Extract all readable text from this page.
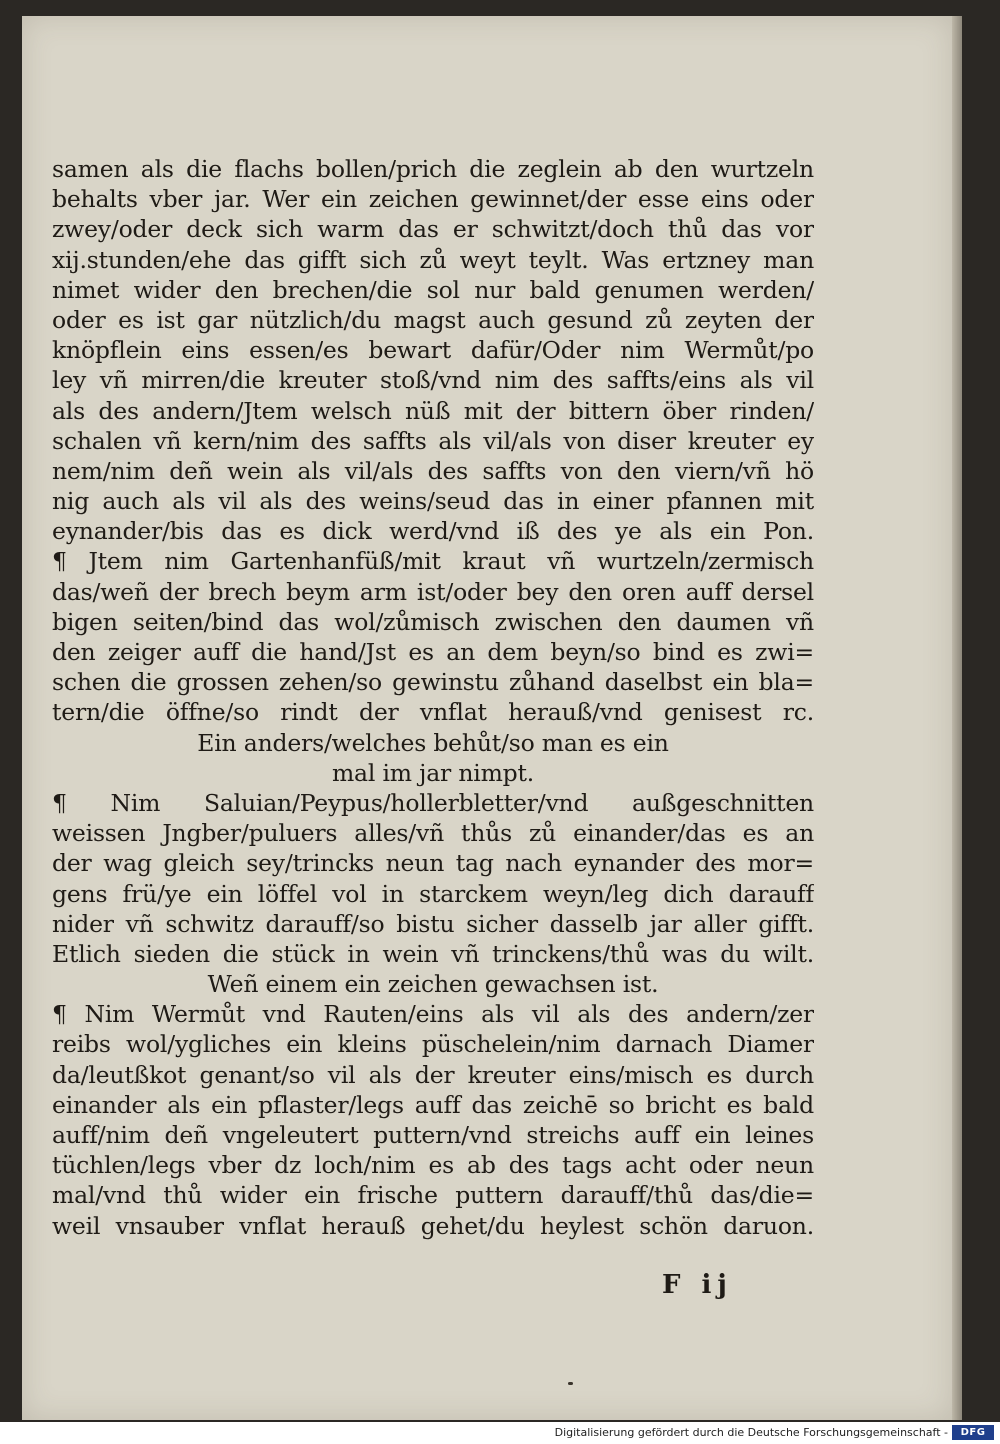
samen als die flachs bollen/prich die zeglein ab den wurtzeln
behalts vber jar. Wer ein zeichen gewinnet/der esse eins oder
zwey/oder deck sich warm das er schwitzt/doch thů das vor
xij.stunden/ehe das gifft sich zů weyt teylt. Was ertzney man
nimet wider den brechen/die sol nur bald genumen werden/
oder es ist gar nützlich/du magst auch gesund zů zeyten der
knöpflein eins essen/es bewart dafür/Oder nim Wermůt/po
ley vñ mirren/die kreuter stoß/vnd nim des saffts/eins als vil
als des andern/Jtem welsch nüß mit der bittern öber rinden/
schalen vñ kern/nim des saffts als vil/als von diser kreuter ey
nem/nim deñ wein als vil/als des saffts von den viern/vñ hö
nig auch als vil als des weins/seud das in einer pfannen mit
eynander/bis das es dick werd/vnd iß des ye als ein Pon.
¶ Jtem nim Gartenhanfüß/mit kraut vñ wurtzeln/zermisch
das/weñ der brech beym arm ist/oder bey den oren auff dersel
bigen seiten/bind das wol/zůmisch zwischen den daumen vñ
den zeiger auff die hand/Jst es an dem beyn/so bind es zwi=
schen die grossen zehen/so gewinstu zůhand daselbst ein bla=
tern/die öffne/so rindt der vnflat herauß/vnd genisest rc.
Ein anders/welches behůt/so man es ein
mal im jar nimpt.
¶ Nim Saluian/Peypus/hollerbletter/vnd außgeschnitten
weissen Jngber/puluers alles/vñ thůs zů einander/das es an
der wag gleich sey/trincks neun tag nach eynander des mor=
gens frü/ye ein löffel vol in starckem weyn/leg dich darauff
nider vñ schwitz darauff/so bistu sicher dasselb jar aller gifft.
Etlich sieden die stück in wein vñ trinckens/thů was du wilt.
Weñ einem ein zeichen gewachsen ist.
¶ Nim Wermůt vnd Rauten/eins als vil als des andern/zer
reibs wol/ygliches ein kleins püschelein/nim darnach Diamer
da/leutßkot genant/so vil als der kreuter eins/misch es durch
einander als ein pflaster/legs auff das zeichē so bricht es bald
auff/nim deñ vngeleutert puttern/vnd streichs auff ein leines
tüchlen/legs vber dz loch/nim es ab des tags acht oder neun
mal/vnd thů wider ein frische puttern darauff/thů das/die=
weil vnsauber vnflat herauß gehet/du heylest schön daruon.
F ij
Digitalisierung gefördert durch die Deutsche Forschungsgemeinschaft -	DFG
